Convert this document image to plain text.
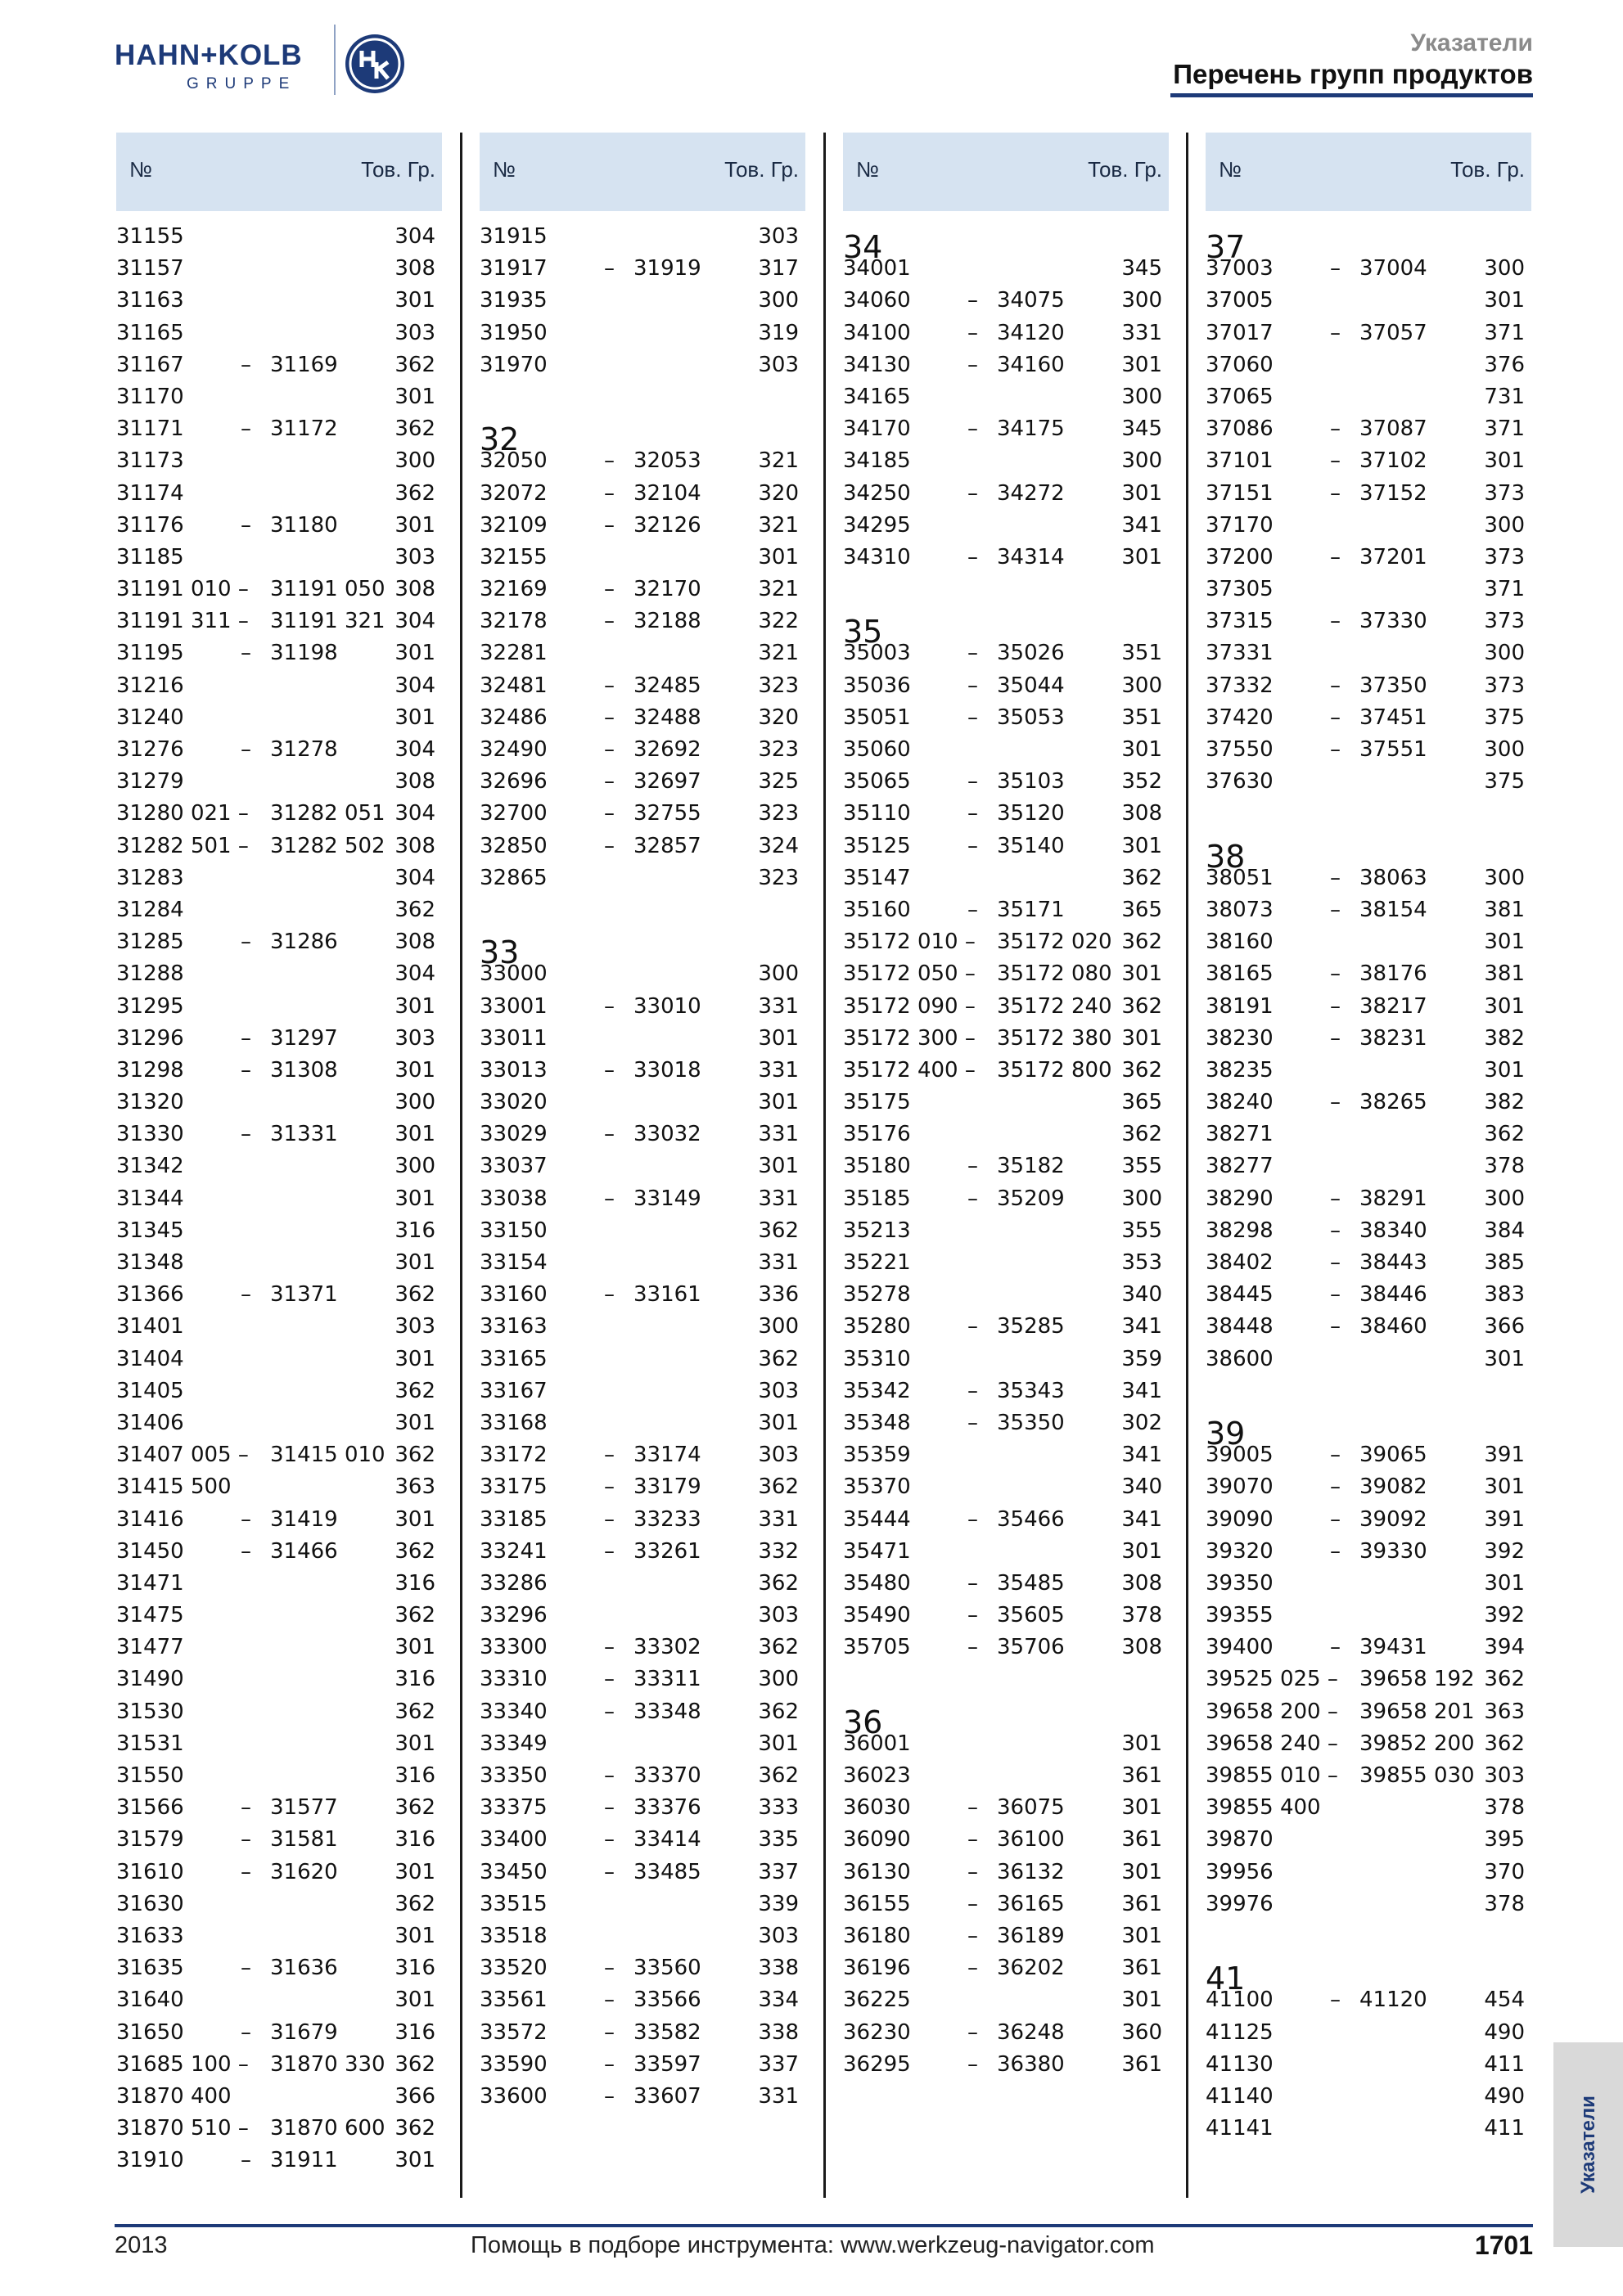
HAHN+KOLB
GRUPPE
Указатели
Перечень групп продуктов
№	Тов. Гр.
31155	304
31157	308
31163	301
31165	303
31167	– 31169	362
31170	301
31171	– 31172	362
31173	300
31174	362
31176	– 31180	301
31185	303
31191 010 – 31191 050 308
31191 311 – 31191 321 304
31195	– 31198	301
31216	304
31240	301
31276	– 31278	304
31279	308
31280 021 – 31282 051 304
31282 501 – 31282 502 308
31283	304
31284	362
31285	– 31286	308
31288	304
31295	301
31296	– 31297	303
31298	– 31308	301
31320	300
31330	– 31331	301
31342	300
31344	301
31345	316
31348	301
31366	– 31371	362
31401	303
31404	301
31405	362
31406	301
31407 005 – 31415 010 362
31415 500	363
31416	– 31419	301
31450	– 31466	362
31471	316
31475	362
31477	301
31490	316
31530	362
31531	301
31550	316
31566	– 31577	362
31579	– 31581	316
31610	– 31620	301
31630	362
31633	301
31635	– 31636	316
31640	301
31650	– 31679	316
31685 100 – 31870 330 362
31870 400	366
31870 510 – 31870 600 362
31910	– 31911	301
№	Тов. Гр.
31915	303
31917	– 31919	317
31935	300
31950	319
31970	303
32
32050	– 32053	321
32072	– 32104	320
32109	– 32126	321
32155	301
32169	– 32170	321
32178	– 32188	322
32281	321
32481	– 32485	323
32486	– 32488	320
32490	– 32692	323
32696	– 32697	325
32700	– 32755	323
32850	– 32857	324
32865	323
33
33000	300
33001	– 33010	331
33011	301
33013	– 33018	331
33020	301
33029	– 33032	331
33037	301
33038	– 33149	331
33150	362
33154	331
33160	– 33161	336
33163	300
33165	362
33167	303
33168	301
33172	– 33174	303
33175	– 33179	362
33185	– 33233	331
33241	– 33261	332
33286	362
33296	303
33300	– 33302	362
33310	– 33311	300
33340	– 33348	362
33349	301
33350	– 33370	362
33375	– 33376	333
33400	– 33414	335
33450	– 33485	337
33515	339
33518	303
33520	– 33560	338
33561	– 33566	334
33572	– 33582	338
33590	– 33597	337
33600	– 33607	331
№	Тов. Гр.
34
34001	345
34060	– 34075	300
34100	– 34120	331
34130	– 34160	301
34165	300
34170	– 34175	345
34185	300
34250	– 34272	301
34295	341
34310	– 34314	301
35
35003	– 35026	351
35036	– 35044	300
35051	– 35053	351
35060	301
35065	– 35103	352
35110	– 35120	308
35125	– 35140	301
35147	362
35160	– 35171	365
35172 010 – 35172 020 362
35172 050 – 35172 080 301
35172 090 – 35172 240 362
35172 300 – 35172 380 301
35172 400 – 35172 800 362
35175	365
35176	362
35180	– 35182	355
35185	– 35209	300
35213	355
35221	353
35278	340
35280	– 35285	341
35310	359
35342	– 35343	341
35348	– 35350	302
35359	341
35370	340
35444	– 35466	341
35471	301
35480	– 35485	308
35490	– 35605	378
35705	– 35706	308
36
36001	301
36023	361
36030	– 36075	301
36090	– 36100	361
36130	– 36132	301
36155	– 36165	361
36180	– 36189	301
36196	– 36202	361
36225	301
36230	– 36248	360
36295	– 36380	361
№	Тов. Гр.
37
37003	– 37004	300
37005	301
37017	– 37057	371
37060	376
37065	731
37086	– 37087	371
37101	– 37102	301
37151	– 37152	373
37170	300
37200	– 37201	373
37305	371
37315	– 37330	373
37331	300
37332	– 37350	373
37420	– 37451	375
37550	– 37551	300
37630	375
38
38051	– 38063	300
38073	– 38154	381
38160	301
38165	– 38176	381
38191	– 38217	301
38230	– 38231	382
38235	301
38240	– 38265	382
38271	362
38277	378
38290	– 38291	300
38298	– 38340	384
38402	– 38443	385
38445	– 38446	383
38448	– 38460	366
38600	301
39
39005	– 39065	391
39070	– 39082	301
39090	– 39092	391
39320	– 39330	392
39350	301
39355	392
39400	– 39431	394
39525 025 – 39658 192 362
39658 200 – 39658 201 363
39658 240 – 39852 200 362
39855 010 – 39855 030 303
39855 400	378
39870	395
39956	370
39976	378
41
41100	– 41120	454
41125	490
41130	411
41140	490
41141	411	Указатели
2013	Помощь в подборе инструмента: www.werkzeug-navigator.com	1701
